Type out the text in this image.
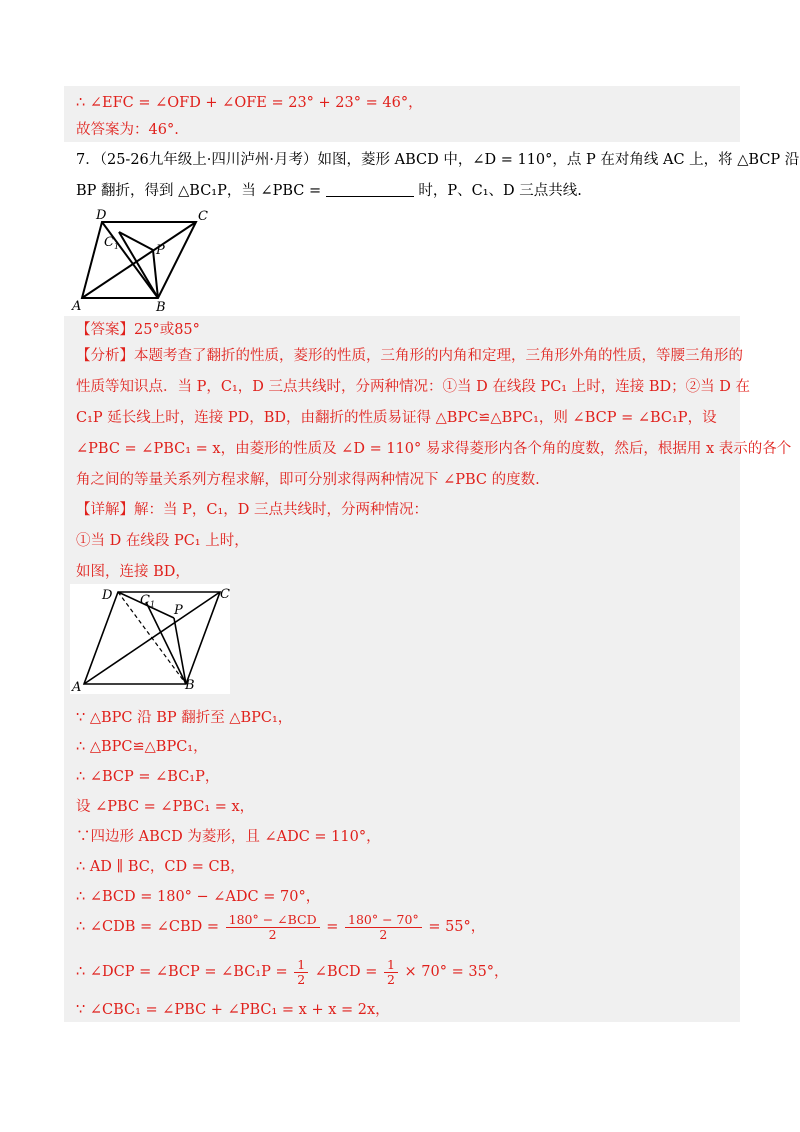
∴ ∠EFC = ∠OFD + ∠OFE = 23° + 23° = 46°，
故答案为：46°.
7．（25-26九年级上·四川泸州·月考）如图，菱形 ABCD 中，∠D = 110°，点 P 在对角线 AC 上，将 △BCP 沿
BP 翻折，得到 △BC₁P，当 ∠PBC =	时，P、C₁、D 三点共线.
D	C
C 1	P
A	B
【答案】25°或85°
【分析】本题考查了翻折的性质，菱形的性质，三角形的内角和定理，三角形外角的性质，等腰三角形的
性质等知识点．当 P，C₁，D 三点共线时，分两种情况：①当 D 在线段 PC₁ 上时，连接 BD；②当 D 在
C₁P 延长线上时，连接 PD，BD，由翻折的性质易证得 △BPC≌△BPC₁，则 ∠BCP = ∠BC₁P，设
∠PBC = ∠PBC₁ = x，由菱形的性质及 ∠D = 110° 易求得菱形内各个角的度数，然后，根据用 x 表示的各个
角之间的等量关系列方程求解，即可分别求得两种情况下 ∠PBC 的度数.
【详解】解：当 P，C₁，D 三点共线时，分两种情况：
①当 D 在线段 PC₁ 上时，
如图，连接 BD，
D C 1 P
C
A	B
∵ △BPC 沿 BP 翻折至 △BPC₁，
∴ △BPC≌△BPC₁，
∴ ∠BCP = ∠BC₁P，
设 ∠PBC = ∠PBC₁ = x，
∵四边形 ABCD 为菱形，且 ∠ADC = 110°，
∴ AD ∥ BC，CD = CB，
∴ ∠BCD = 180° − ∠ADC = 70°，
∴ ∠CDB = ∠CBD = $\frac{\text{180° − ∠BCD}}{2} = \frac{180^\circ - 70^\circ}{2} = 55^\circ$，
∴ ∠DCP = ∠BCP = ∠BC₁P = $\frac{1}{2}$ ∠BCD = $\frac{1}{2} \times 70^\circ = 35^\circ$，
∵ ∠CBC₁ = ∠PBC + ∠PBC₁ = x + x = 2x，
